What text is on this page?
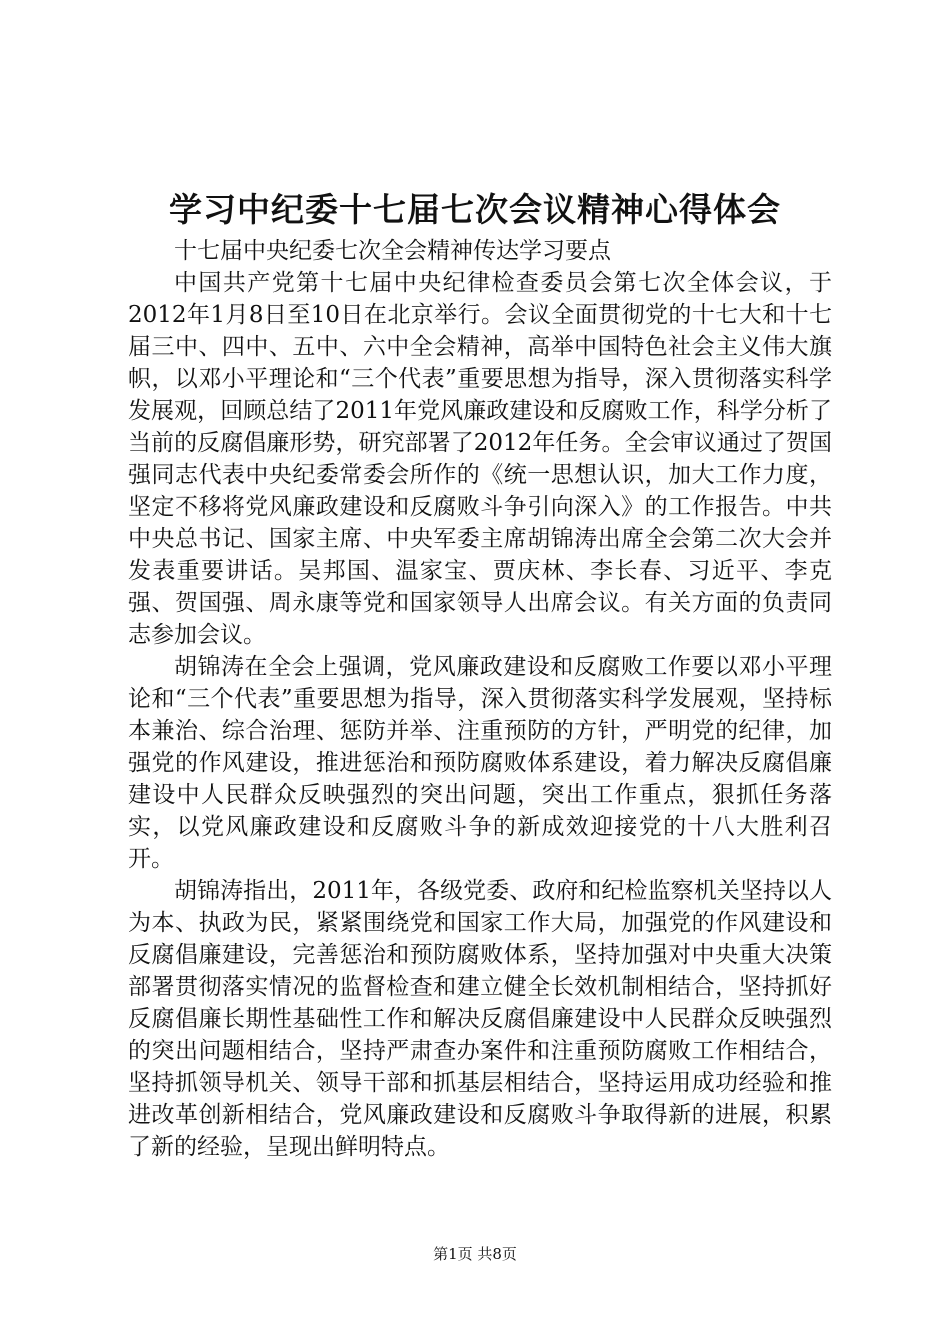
学习中纪委十七届七次会议精神心得体会

十七届中央纪委七次全会精神传达学习要点

中国共产党第十七届中央纪律检查委员会第七次全体会议，于2012年1月8日至10日在北京举行。会议全面贯彻党的十七大和十七届三中、四中、五中、六中全会精神，高举中国特色社会主义伟大旗帜，以邓小平理论和“三个代表”重要思想为指导，深入贯彻落实科学发展观，回顾总结了2011年党风廉政建设和反腐败工作，科学分析了当前的反腐倡廉形势，研究部署了2012年任务。全会审议通过了贺国强同志代表中央纪委常委会所作的《统一思想认识，加大工作力度，坚定不移将党风廉政建设和反腐败斗争引向深入》的工作报告。中共中央总书记、国家主席、中央军委主席胡锦涛出席全会第二次大会并发表重要讲话。吴邦国、温家宝、贾庆林、李长春、习近平、李克强、贺国强、周永康等党和国家领导人出席会议。有关方面的负责同志参加会议。

胡锦涛在全会上强调，党风廉政建设和反腐败工作要以邓小平理论和“三个代表”重要思想为指导，深入贯彻落实科学发展观，坚持标本兼治、综合治理、惩防并举、注重预防的方针，严明党的纪律，加强党的作风建设，推进惩治和预防腐败体系建设，着力解决反腐倡廉建设中人民群众反映强烈的突出问题，突出工作重点，狠抓任务落实，以党风廉政建设和反腐败斗争的新成效迎接党的十八大胜利召开。

胡锦涛指出，2011年，各级党委、政府和纪检监察机关坚持以人为本、执政为民，紧紧围绕党和国家工作大局，加强党的作风建设和反腐倡廉建设，完善惩治和预防腐败体系，坚持加强对中央重大决策部署贯彻落实情况的监督检查和建立健全长效机制相结合，坚持抓好反腐倡廉长期性基础性工作和解决反腐倡廉建设中人民群众反映强烈的突出问题相结合，坚持严肃查办案件和注重预防腐败工作相结合，坚持抓领导机关、领导干部和抓基层相结合，坚持运用成功经验和推进改革创新相结合，党风廉政建设和反腐败斗争取得新的进展，积累了新的经验，呈现出鲜明特点。

第1页 共8页
